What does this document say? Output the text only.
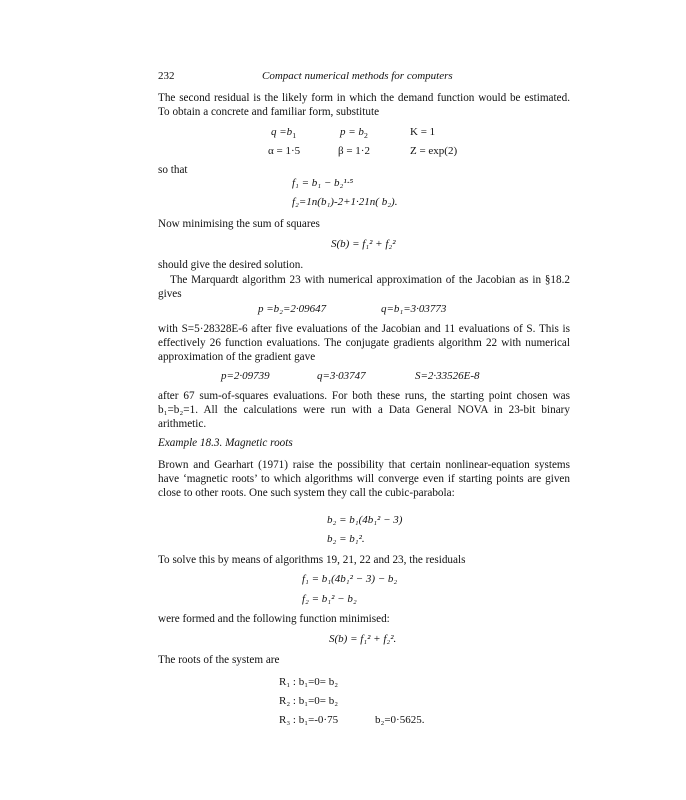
232	Compact numerical methods for computers
The second residual is the likely form in which the demand function would be estimated. To obtain a concrete and familiar form, substitute
$q =b_1$	$p = b_2$	K = 1
α = 1·5	β = 1·2	Z = exp(2)
so that
f₁ = b₁ − b₂¹·⁵
f₂=1n(b₁)-2+1·21n( b₂).
Now minimising the sum of squares
S(b) = f₁² + f₂²
should give the desired solution.
The Marquardt algorithm 23 with numerical approximation of the Jacobian as in §18.2 gives
p =b₂=2·09647	q=b₁=3·03773
with S=5·28328E-6 after five evaluations of the Jacobian and 11 evaluations of S. This is effectively 26 function evaluations. The conjugate gradients algorithm 22 with numerical approximation of the gradient gave
p=2·09739	q=3·03747	S=2·33526E-8
after 67 sum-of-squares evaluations. For both these runs, the starting point chosen was b₁=b₂=1. All the calculations were run with a Data General NOVA in 23-bit binary arithmetic.
Example 18.3. Magnetic roots
Brown and Gearhart (1971) raise the possibility that certain nonlinear-equation systems have ‘magnetic roots’ to which algorithms will converge even if starting points are given close to other roots. One such system they call the cubic-parabola:
b₂ = b₁(4b₁² − 3)
b₂ = b₁².
To solve this by means of algorithms 19, 21, 22 and 23, the residuals
f₁ = b₁(4b₁² − 3) − b₂
f₂ = b₁² − b₂
were formed and the following function minimised:
S(b) = f₁² + f₂².
The roots of the system are
R₁ : b₁=0= b₂
R₂ : b₁=0= b₂
R₃ : b₁=-0·75	b₂=0·5625.
